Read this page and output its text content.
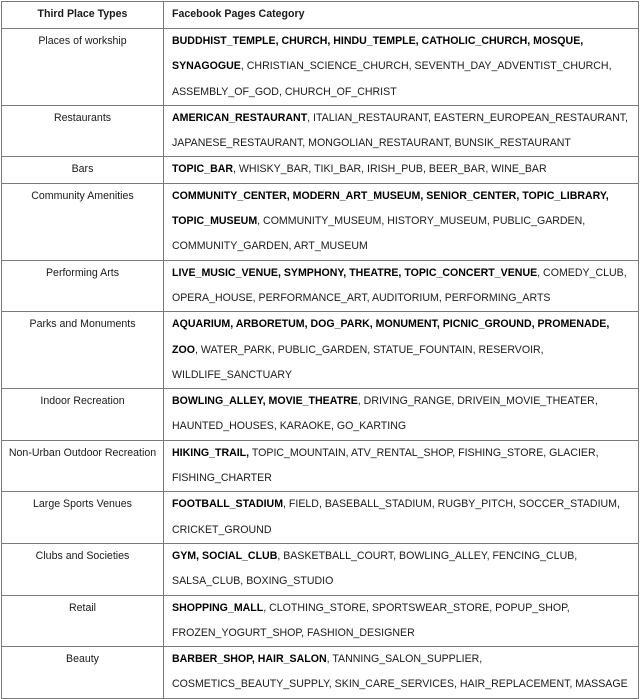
Third Place Types	Facebook Pages Category
Places of workship	BUDDHIST_TEMPLE, CHURCH, HINDU_TEMPLE, CATHOLIC_CHURCH, MOSQUE, SYNAGOGUE, CHRISTIAN_SCIENCE_CHURCH, SEVENTH_DAY_ADVENTIST_CHURCH, ASSEMBLY_OF_GOD, CHURCH_OF_CHRIST
Restaurants	AMERICAN_RESTAURANT, ITALIAN_RESTAURANT, EASTERN_EUROPEAN_RESTAURANT, JAPANESE_RESTAURANT, MONGOLIAN_RESTAURANT, BUNSIK_RESTAURANT
Bars	TOPIC_BAR, WHISKY_BAR, TIKI_BAR, IRISH_PUB, BEER_BAR, WINE_BAR
Community Amenities	COMMUNITY_CENTER, MODERN_ART_MUSEUM, SENIOR_CENTER, TOPIC_LIBRARY, TOPIC_MUSEUM, COMMUNITY_MUSEUM, HISTORY_MUSEUM, PUBLIC_GARDEN, COMMUNITY_GARDEN, ART_MUSEUM
Performing Arts	LIVE_MUSIC_VENUE, SYMPHONY, THEATRE, TOPIC_CONCERT_VENUE, COMEDY_CLUB, OPERA_HOUSE, PERFORMANCE_ART, AUDITORIUM, PERFORMING_ARTS
Parks and Monuments	AQUARIUM, ARBORETUM, DOG_PARK, MONUMENT, PICNIC_GROUND, PROMENADE, ZOO, WATER_PARK, PUBLIC_GARDEN, STATUE_FOUNTAIN, RESERVOIR, WILDLIFE_SANCTUARY
Indoor Recreation	BOWLING_ALLEY, MOVIE_THEATRE, DRIVING_RANGE, DRIVEIN_MOVIE_THEATER, HAUNTED_HOUSES, KARAOKE, GO_KARTING
Non-Urban Outdoor Recreation	HIKING_TRAIL, TOPIC_MOUNTAIN, ATV_RENTAL_SHOP, FISHING_STORE, GLACIER, FISHING_CHARTER
Large Sports Venues	FOOTBALL_STADIUM, FIELD, BASEBALL_STADIUM, RUGBY_PITCH, SOCCER_STADIUM, CRICKET_GROUND
Clubs and Societies	GYM, SOCIAL_CLUB, BASKETBALL_COURT, BOWLING_ALLEY, FENCING_CLUB, SALSA_CLUB, BOXING_STUDIO
Retail	SHOPPING_MALL, CLOTHING_STORE, SPORTSWEAR_STORE, POPUP_SHOP, FROZEN_YOGURT_SHOP, FASHION_DESIGNER
Beauty	BARBER_SHOP, HAIR_SALON, TANNING_SALON_SUPPLIER, COSMETICS_BEAUTY_SUPPLY, SKIN_CARE_SERVICES, HAIR_REPLACEMENT, MASSAGE
